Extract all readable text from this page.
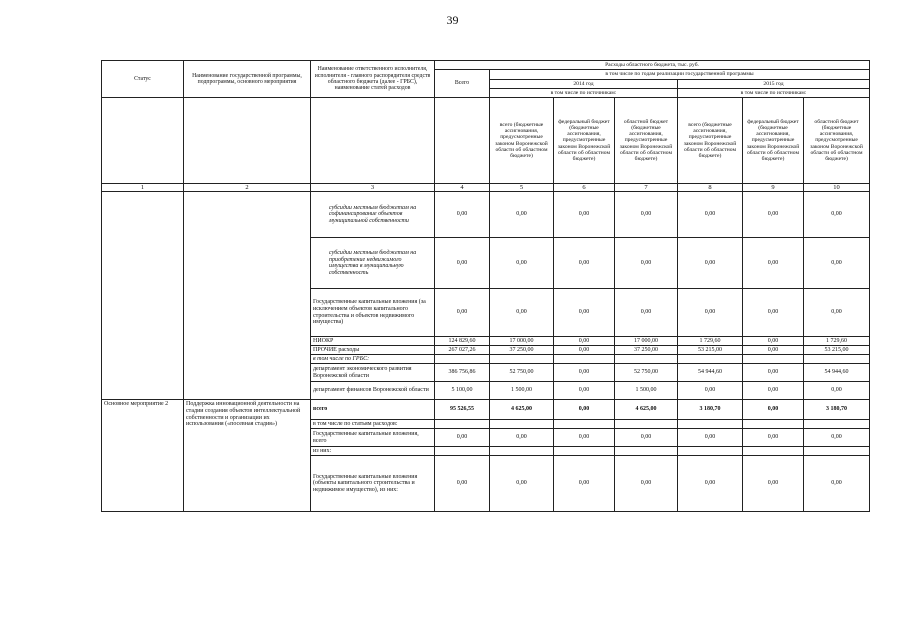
39
Статус	Наименование государственной программы, подпрограммы, основного мероприятия	Наименование ответственного исполнителя, исполнителя - главного распорядителя средств областного бюджета (далее - ГРБС), наименование статей расходов	Расходы областного бюджета, тыс. руб.						
			Всего	в том числе по годам реализации государственной программы					
				2014 год			2015 год		
				в том числе по источникам:			в том числе по источникам:		
				всего (бюджетные ассигнования, предусмотренные законом Воронежской области об областном бюджете)	федеральный бюджет (бюджетные ассигнования, предусмотренные законом Воронежской области об областном бюджете)	областной бюджет (бюджетные ассигнования, предусмотренные законом Воронежской области об областном бюджете)	всего (бюджетные ассигнования, предусмотренные законом Воронежской области об областном бюджете)	федеральный бюджет (бюджетные ассигнования, предусмотренные законом Воронежской области об областном бюджете)	областной бюджет (бюджетные ассигнования, предусмотренные законом Воронежской области об областном бюджете)
1	2	3	4	5	6	7	8	9	10
		субсидии местным бюджетам на софинансирование объектов муниципальной собственности	0,00	0,00	0,00	0,00	0,00	0,00	0,00
		субсидии местным бюджетам на приобретение недвижимого имущества в муниципальную собственность	0,00	0,00	0,00	0,00	0,00	0,00	0,00
		Государственные капитальные вложения (за исключением объектов капитального строительства и объектов недвижимого имущества)	0,00	0,00	0,00	0,00	0,00	0,00	0,00
		НИОКР	124 829,60	17 000,00	0,00	17 000,00	1 729,60	0,00	1 729,60
		ПРОЧИЕ расходы	267 027,26	37 250,00	0,00	37 250,00	53 215,00	0,00	53 215,00
		в том числе по ГРБС:							
		департамент экономического развития Воронежской области	386 756,86	52 750,00	0,00	52 750,00	54 944,60	0,00	54 944,60
		департамент финансов Воронежской области	5 100,00	1 500,00	0,00	1 500,00	0,00	0,00	0,00
Основное мероприятие 2	Поддержка инновационной деятельности на стадии создания объектов интеллектуальной собственности и организации их использования («посевная стадия»)	всего	95 526,55	4 625,00	0,00	4 625,00	3 180,70	0,00	3 180,70
		в том числе по статьям расходов:							
		Государственные капитальные вложения, всего	0,00	0,00	0,00	0,00	0,00	0,00	0,00
		из них:							
		Государственные капитальные вложения (объекты капитального строительства и недвижимое имущество), из них:	0,00	0,00	0,00	0,00	0,00	0,00	0,00
